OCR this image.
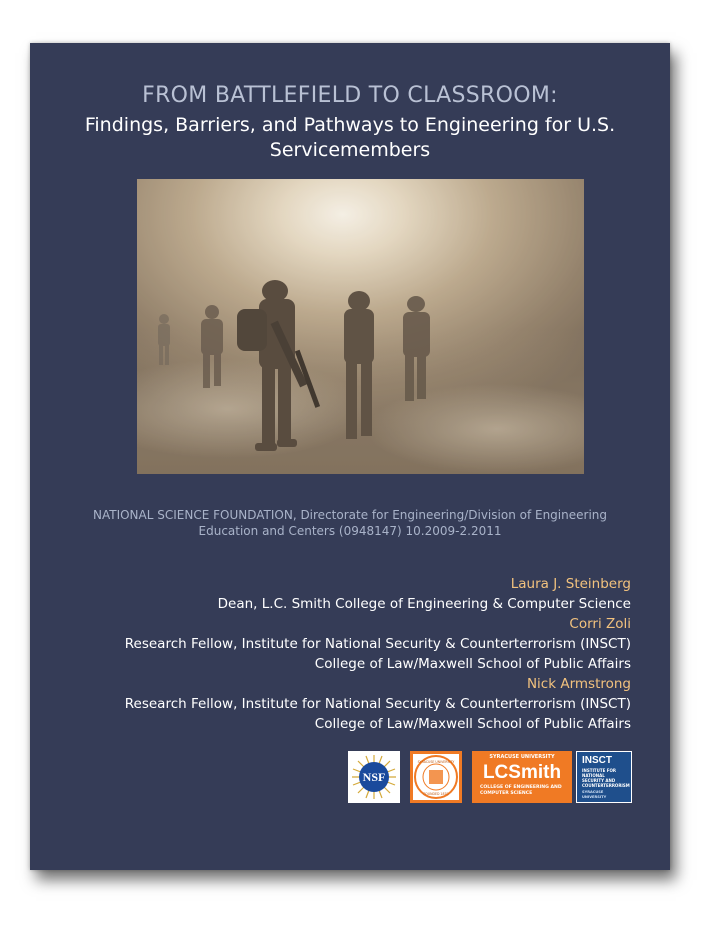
FROM BATTLEFIELD TO CLASSROOM:
Findings, Barriers, and Pathways to Engineering for U.S. Servicemembers
NATIONAL SCIENCE FOUNDATION, Directorate for Engineering/Division of Engineering
Education and Centers (0948147) 10.2009-2.2011
Laura J. Steinberg
Dean, L.C. Smith College of Engineering & Computer Science
Corri Zoli
Research Fellow, Institute for National Security & Counterterrorism (INSCT)
College of Law/Maxwell School of Public Affairs
Nick Armstrong
Research Fellow, Institute for National Security & Counterterrorism (INSCT)
College of Law/Maxwell School of Public Affairs
NSF
SYRACUSE UNIVERSITY
FOUNDED 1870
SYRACUSE UNIVERSITY
LCSmith
COLLEGE OF ENGINEERING AND COMPUTER SCIENCE
INSCT
INSTITUTE FOR NATIONAL SECURITY AND COUNTERTERRORISM
SYRACUSE UNIVERSITY
